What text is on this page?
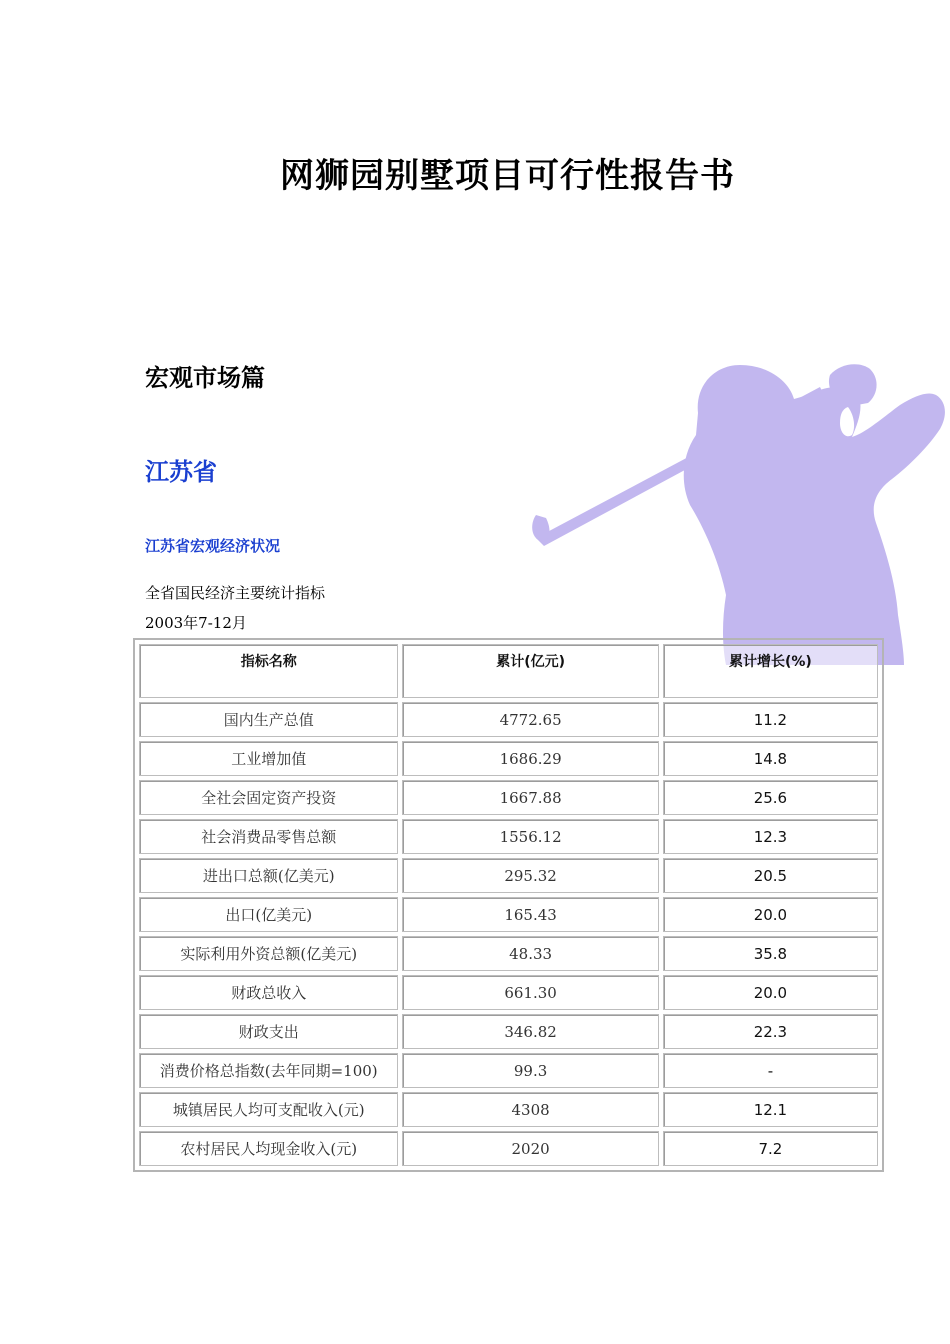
网狮园别墅项目可行性报告书
宏观市场篇
江苏省
江苏省宏观经济状况

全省国民经济主要统计指标

2003年7-12月

指标名称	累计(亿元)	累计增长(%)
国内生产总值	4772.65	11.2
工业增加值	1686.29	14.8
全社会固定资产投资	1667.88	25.6
社会消费品零售总额	1556.12	12.3
进出口总额(亿美元)	295.32	20.5
出口(亿美元)	165.43	20.0
实际利用外资总额(亿美元)	48.33	35.8
财政总收入	661.30	20.0
财政支出	346.82	22.3
消费价格总指数(去年同期=100)	99.3	-
城镇居民人均可支配收入(元)	4308	12.1
农村居民人均现金收入(元)	2020	7.2
